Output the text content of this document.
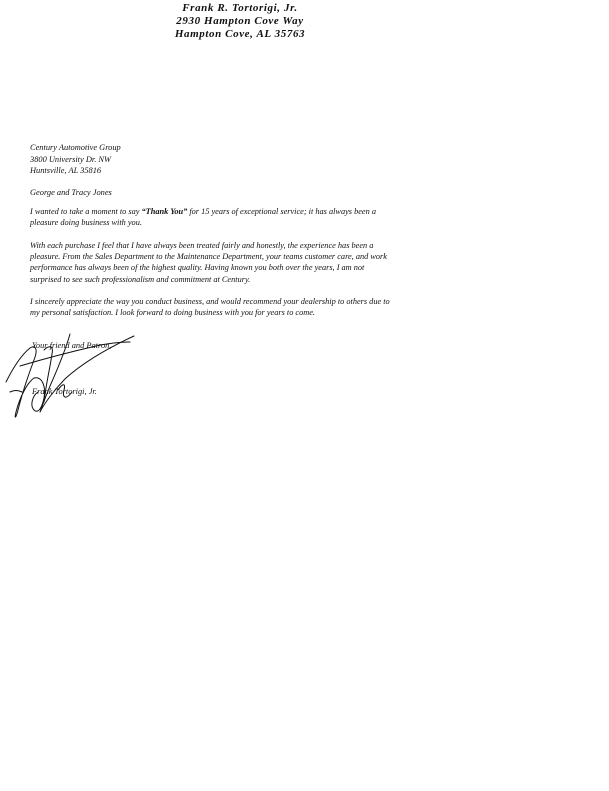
Frank R. Tortorigi, Jr.
2930 Hampton Cove Way
Hampton Cove, AL 35763
Century Automotive Group
3800 University Dr. NW
Huntsville, AL 35816
George and Tracy Jones
I wanted to take a moment to say “Thank You” for 15 years of exceptional service; it has always been a
pleasure doing business with you.
With each purchase I feel that I have always been treated fairly and honestly, the experience has been a
pleasure. From the Sales Department to the Maintenance Department, your teams customer care, and work
performance has always been of the highest quality. Having known you both over the years, I am not
surprised to see such professionalism and commitment at Century.
I sincerely appreciate the way you conduct business, and would recommend your dealership to others due to
my personal satisfaction. I look forward to doing business with you for years to come.
Your friend and Patron,
Frank Tortorigi, Jr.
